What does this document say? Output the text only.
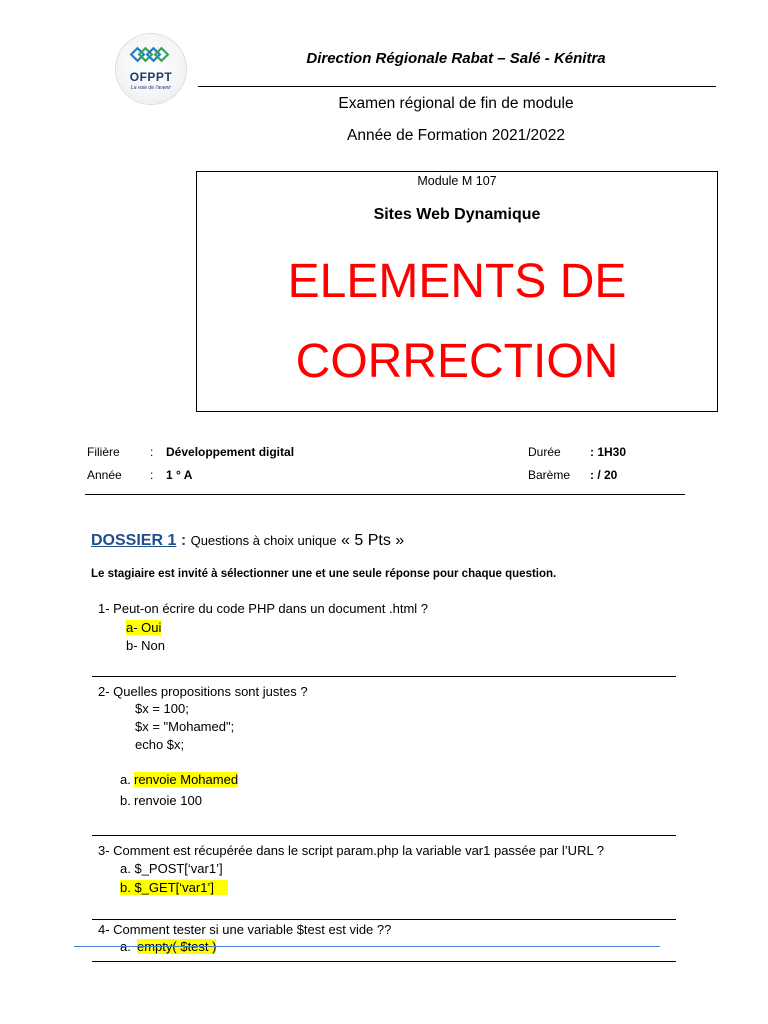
OFPPT
La voie de l'avenir
Direction Régionale Rabat – Salé - Kénitra
Examen régional de fin de module
Année de Formation 2021/2022
Module M 107
Sites Web Dynamique
ELEMENTS DE
CORRECTION
Filière	: Développement digital
Année : 1 ° A
Durée : 1H30
Barème : / 20
DOSSIER 1 : Questions à choix unique « 5 Pts »
Le stagiaire est invité à sélectionner une et une seule réponse pour chaque question.
1- Peut-on écrire du code PHP dans un document .html ?
a- Oui
b- Non
2- Quelles propositions sont justes ?
$x = 100;
$x = "Mohamed";
echo $x;
a. renvoie Mohamed
b. renvoie 100
3- Comment est récupérée dans le script param.php la variable var1 passée par l’URL ?
a. $_POST[‘var1’]
b. $_GET[‘var1’]
4- Comment tester si une variable $test est vide ??
a. empty( $test )
